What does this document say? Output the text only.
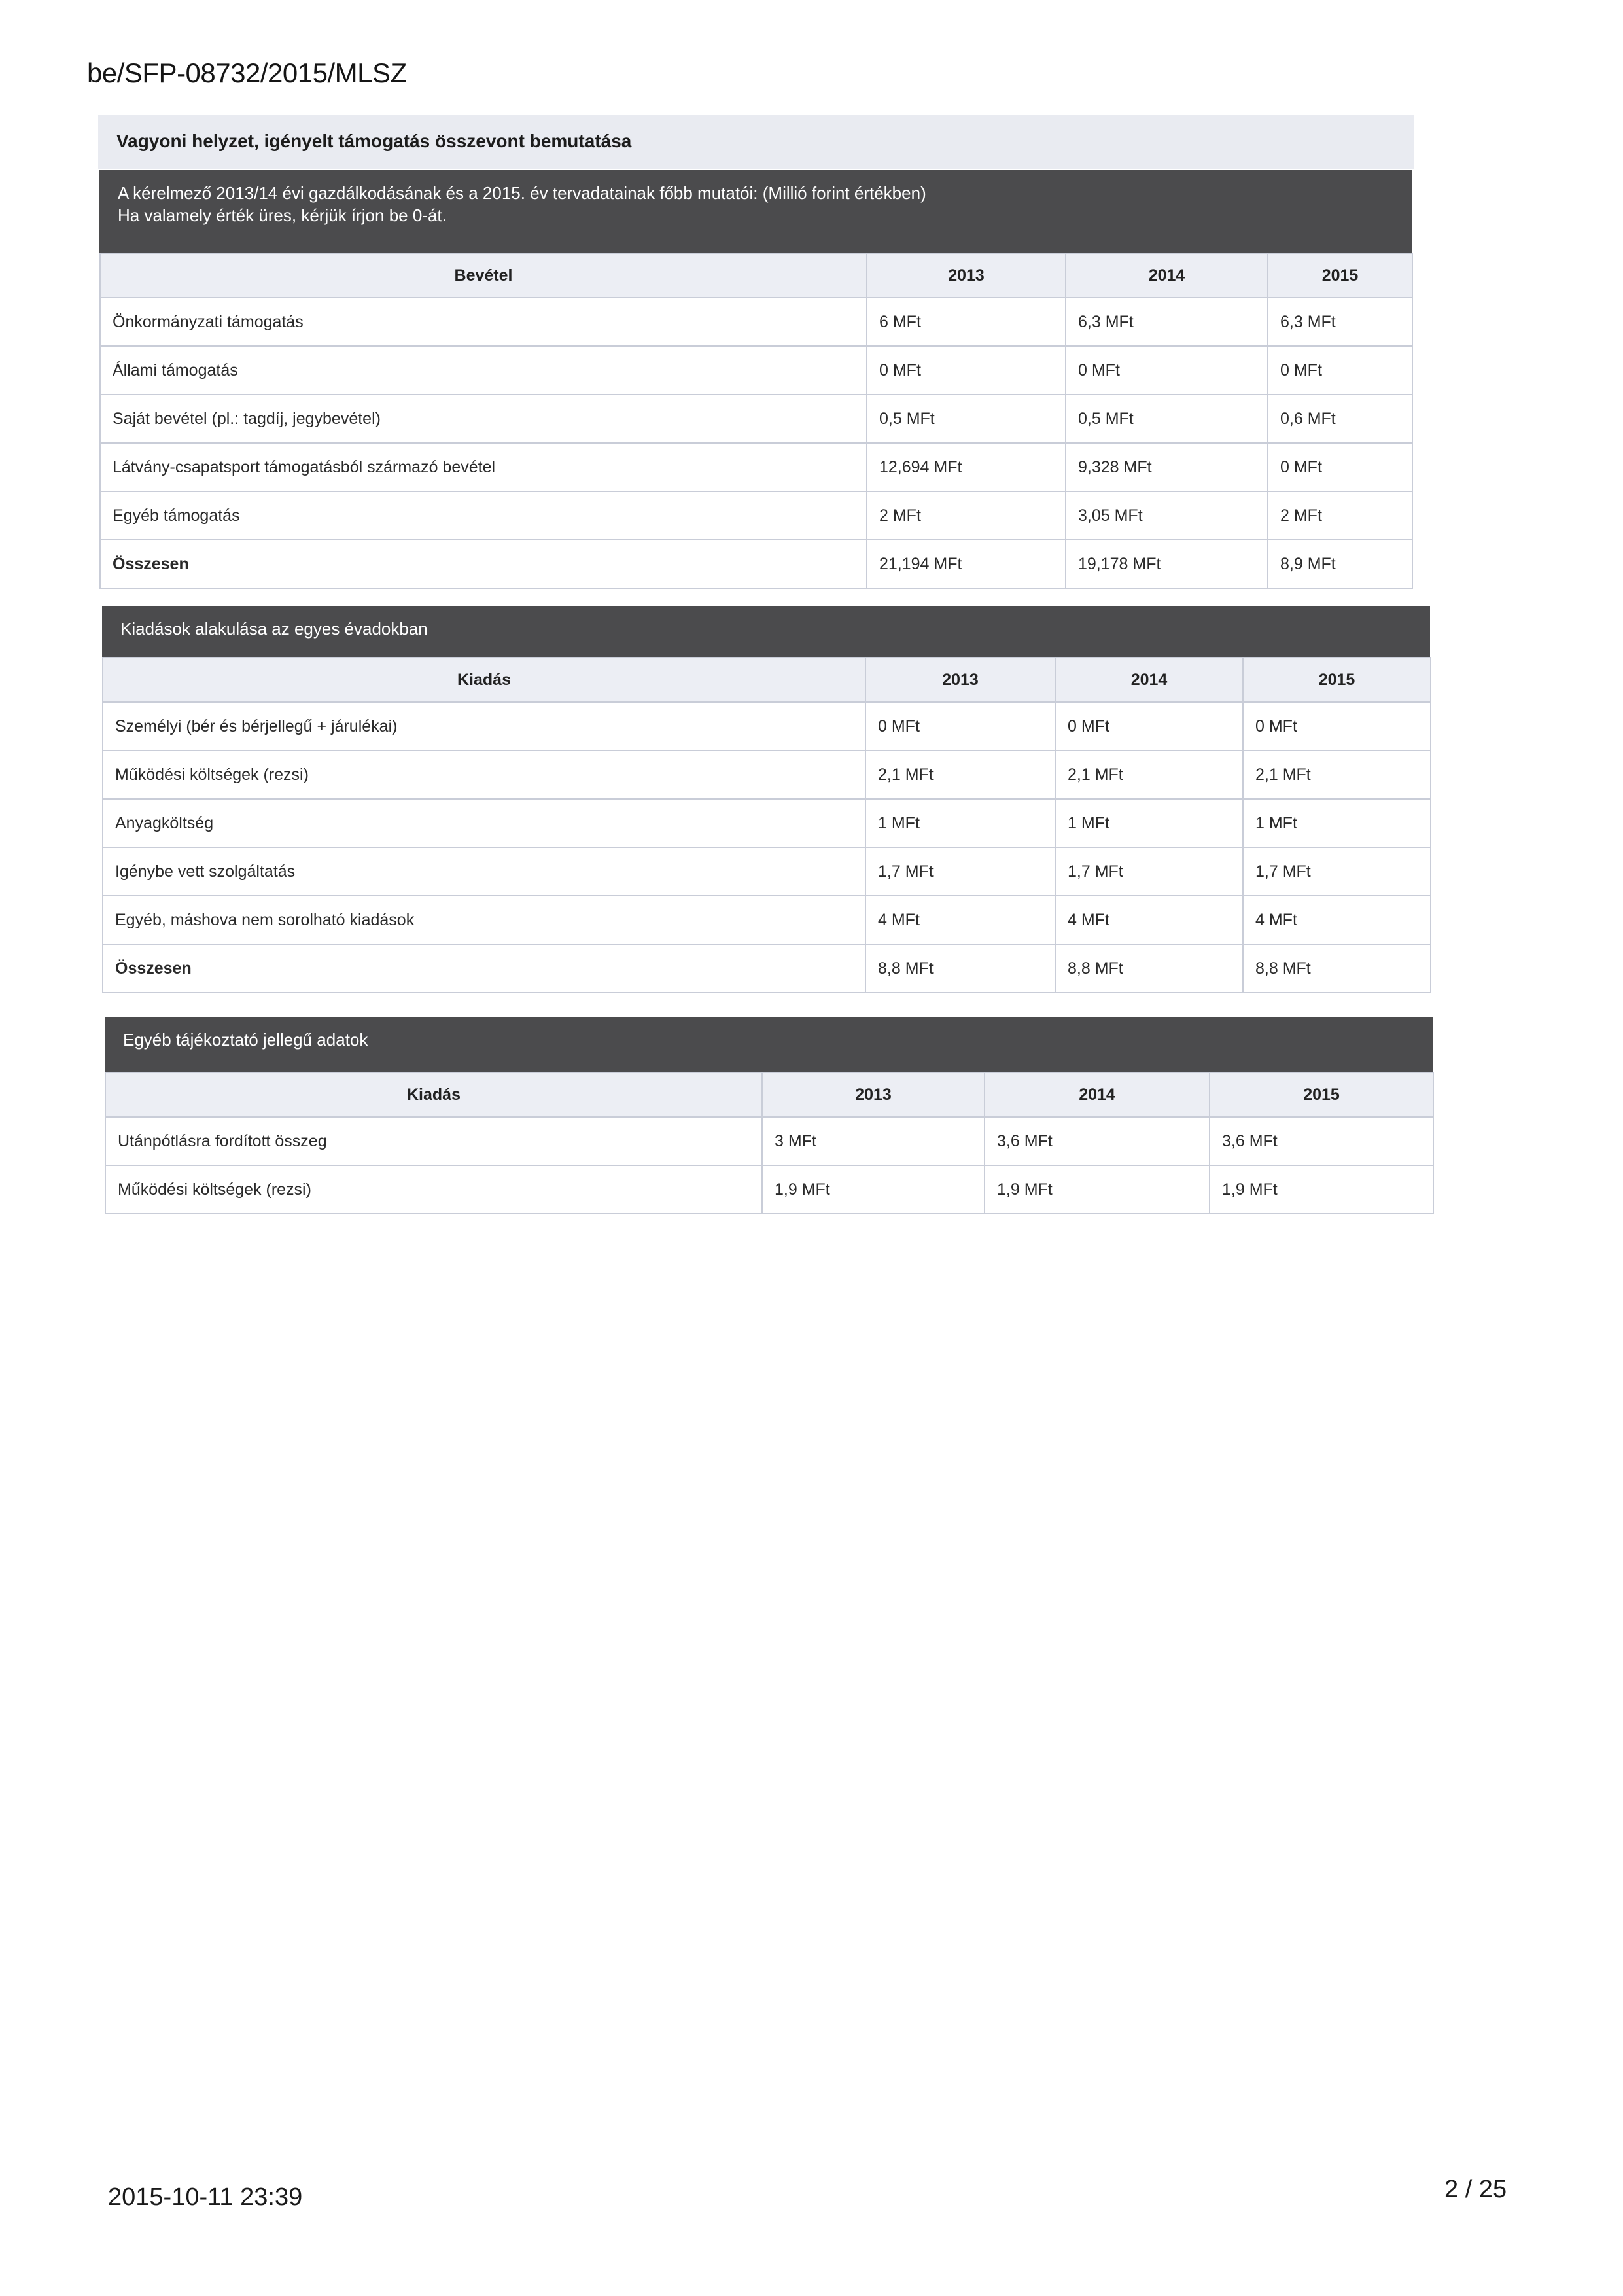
be/SFP-08732/2015/MLSZ
Vagyoni helyzet, igényelt támogatás összevont bemutatása
A kérelmező 2013/14 évi gazdálkodásának és a 2015. év tervadatainak főbb mutatói: (Millió forint értékben)
Ha valamely érték üres, kérjük írjon be 0-át.
Bevétel	2013	2014	2015
Önkormányzati támogatás	6 MFt	6,3 MFt	6,3 MFt
Állami támogatás	0 MFt	0 MFt	0 MFt
Saját bevétel (pl.: tagdíj, jegybevétel)	0,5 MFt	0,5 MFt	0,6 MFt
Látvány-csapatsport támogatásból származó bevétel	12,694 MFt	9,328 MFt	0 MFt
Egyéb támogatás	2 MFt	3,05 MFt	2 MFt
Összesen	21,194 MFt	19,178 MFt	8,9 MFt
Kiadások alakulása az egyes évadokban
Kiadás	2013	2014	2015
Személyi (bér és bérjellegű + járulékai)	0 MFt	0 MFt	0 MFt
Működési költségek (rezsi)	2,1 MFt	2,1 MFt	2,1 MFt
Anyagköltség	1 MFt	1 MFt	1 MFt
Igénybe vett szolgáltatás	1,7 MFt	1,7 MFt	1,7 MFt
Egyéb, máshova nem sorolható kiadások	4 MFt	4 MFt	4 MFt
Összesen	8,8 MFt	8,8 MFt	8,8 MFt
Egyéb tájékoztató jellegű adatok
Kiadás	2013	2014	2015
Utánpótlásra fordított összeg	3 MFt	3,6 MFt	3,6 MFt
Működési költségek (rezsi)	1,9 MFt	1,9 MFt	1,9 MFt
2015-10-11 23:39	2 / 25
